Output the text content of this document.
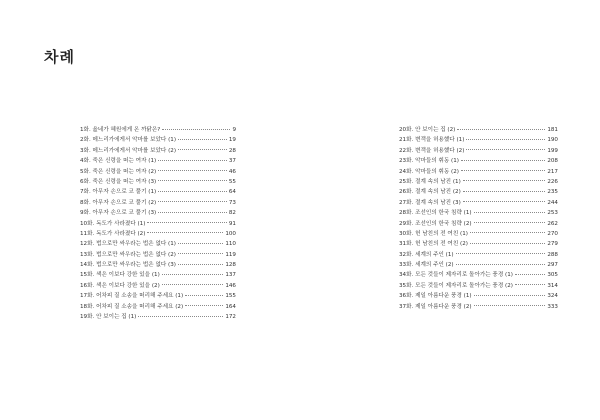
차례
1화. 읊네가 혜원에게 온 까닭은?	9
2화. 메느리가에게서 악마를 보았다 (1)	19
3화. 메느리가에게서 악마를 보았다 (2)	28
4화. 죽은 신령을 떠는 여자 (1)	37
5화. 죽은 신령을 떠는 여자 (2)	46
6화. 죽은 신령을 떠는 여자 (3)	55
7화. 아무자 손으로 코 풀기 (1)	64
8화. 아무자 손으로 코 풀기 (2)	73
9화. 아무자 손으로 코 풀기 (3)	82
10화. 독도가 사라졌다 (1)	91
11화. 독도가 사라졌다 (2)	100
12화. 법으로만 싸우라는 법은 없다 (1)	110
13화. 법으로만 싸우라는 법은 없다 (2)	119
14화. 법으로만 싸우라는 법은 없다 (3)	128
15화. 색은 이보다 강한 있을 (1)	137
16화. 색은 이보다 강한 있을 (2)	146
17화. 어차피 질 소송을 떠리해 주세요 (1)	155
18화. 어차피 질 소송을 떠리해 주세요 (2)	164
19화. 안 보이는 집 (1)	172
20화. 안 보이는 집 (2)	181
21화. 변객을 허용했다 (1)	190
22화. 변객을 허용했다 (2)	199
23화. 악마들의 휘동 (1)	208
24화. 악마들의 휘동 (2)	217
25화. 절계 속의 남진 (1)	226
26화. 절계 속의 남진 (2)	235
27화. 절계 속의 남진 (3)	244
28화. 조선인의 한국 침략 (1)	253
29화. 조선인의 한국 침략 (2)	262
30화. 헌 남친의 전 여친 (1)	270
31화. 헌 남친의 전 여친 (2)	279
32화. 세계의 주인 (1)	288
33화. 세계의 주인 (2)	297
34화. 모든 것들이 제자리로 돌아가는 풍경 (1)	305
35화. 모든 것들이 제자리로 돌아가는 풍경 (2)	314
36화. 제일 아름다운 풍경 (1)	324
37화. 제일 아름다운 풍경 (2)	333
